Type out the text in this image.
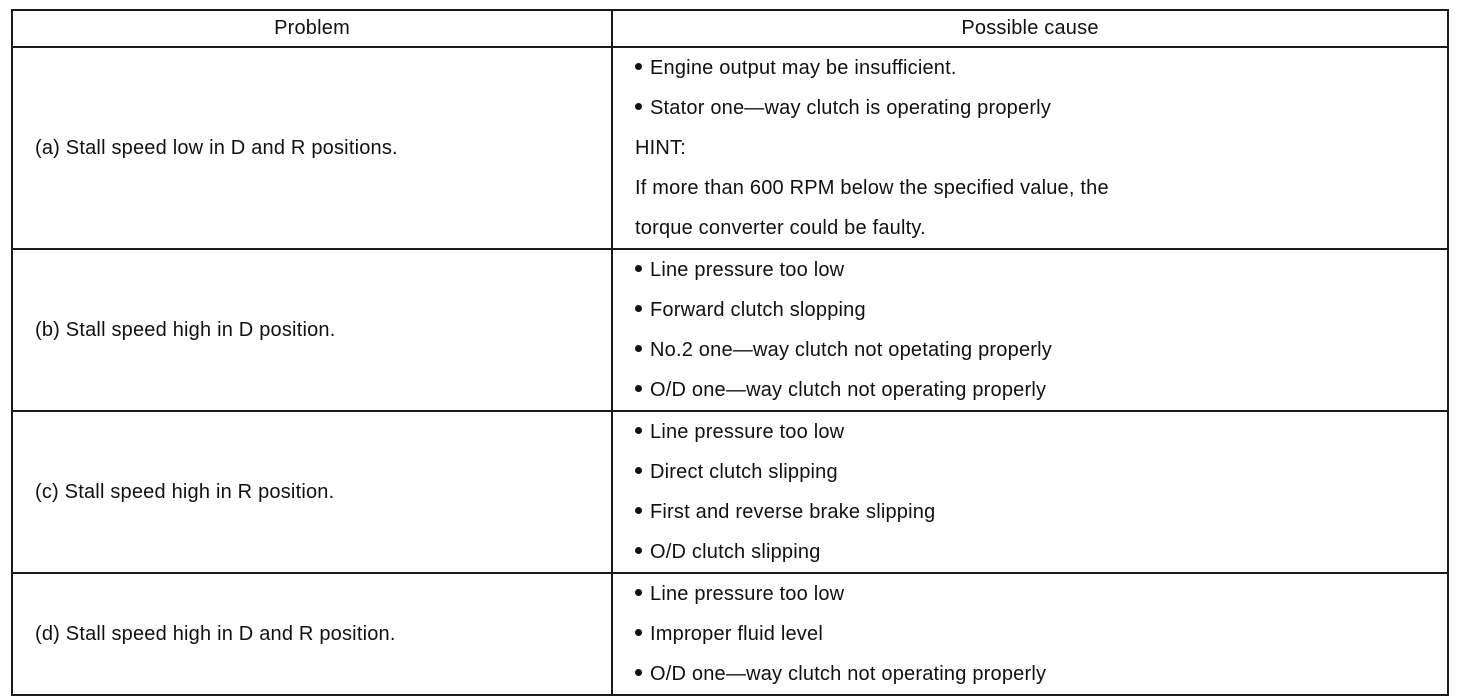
Problem	Possible cause
(a) Stall speed low in D and R positions.	Engine output may be insufficient.
Stator one—way clutch is operating properly
HINT:
If more than 600 RPM below the specified value, the
torque converter could be faulty.

(b) Stall speed high in D position.	Line pressure too low
Forward clutch slopping
No.2 one—way clutch not opetating properly
O/D one—way clutch not operating properly

(c) Stall speed high in R position.	Line pressure too low
Direct clutch slipping
First and reverse brake slipping
O/D clutch slipping

(d) Stall speed high in D and R position.	Line pressure too low
Improper fluid level
O/D one—way clutch not operating properly
